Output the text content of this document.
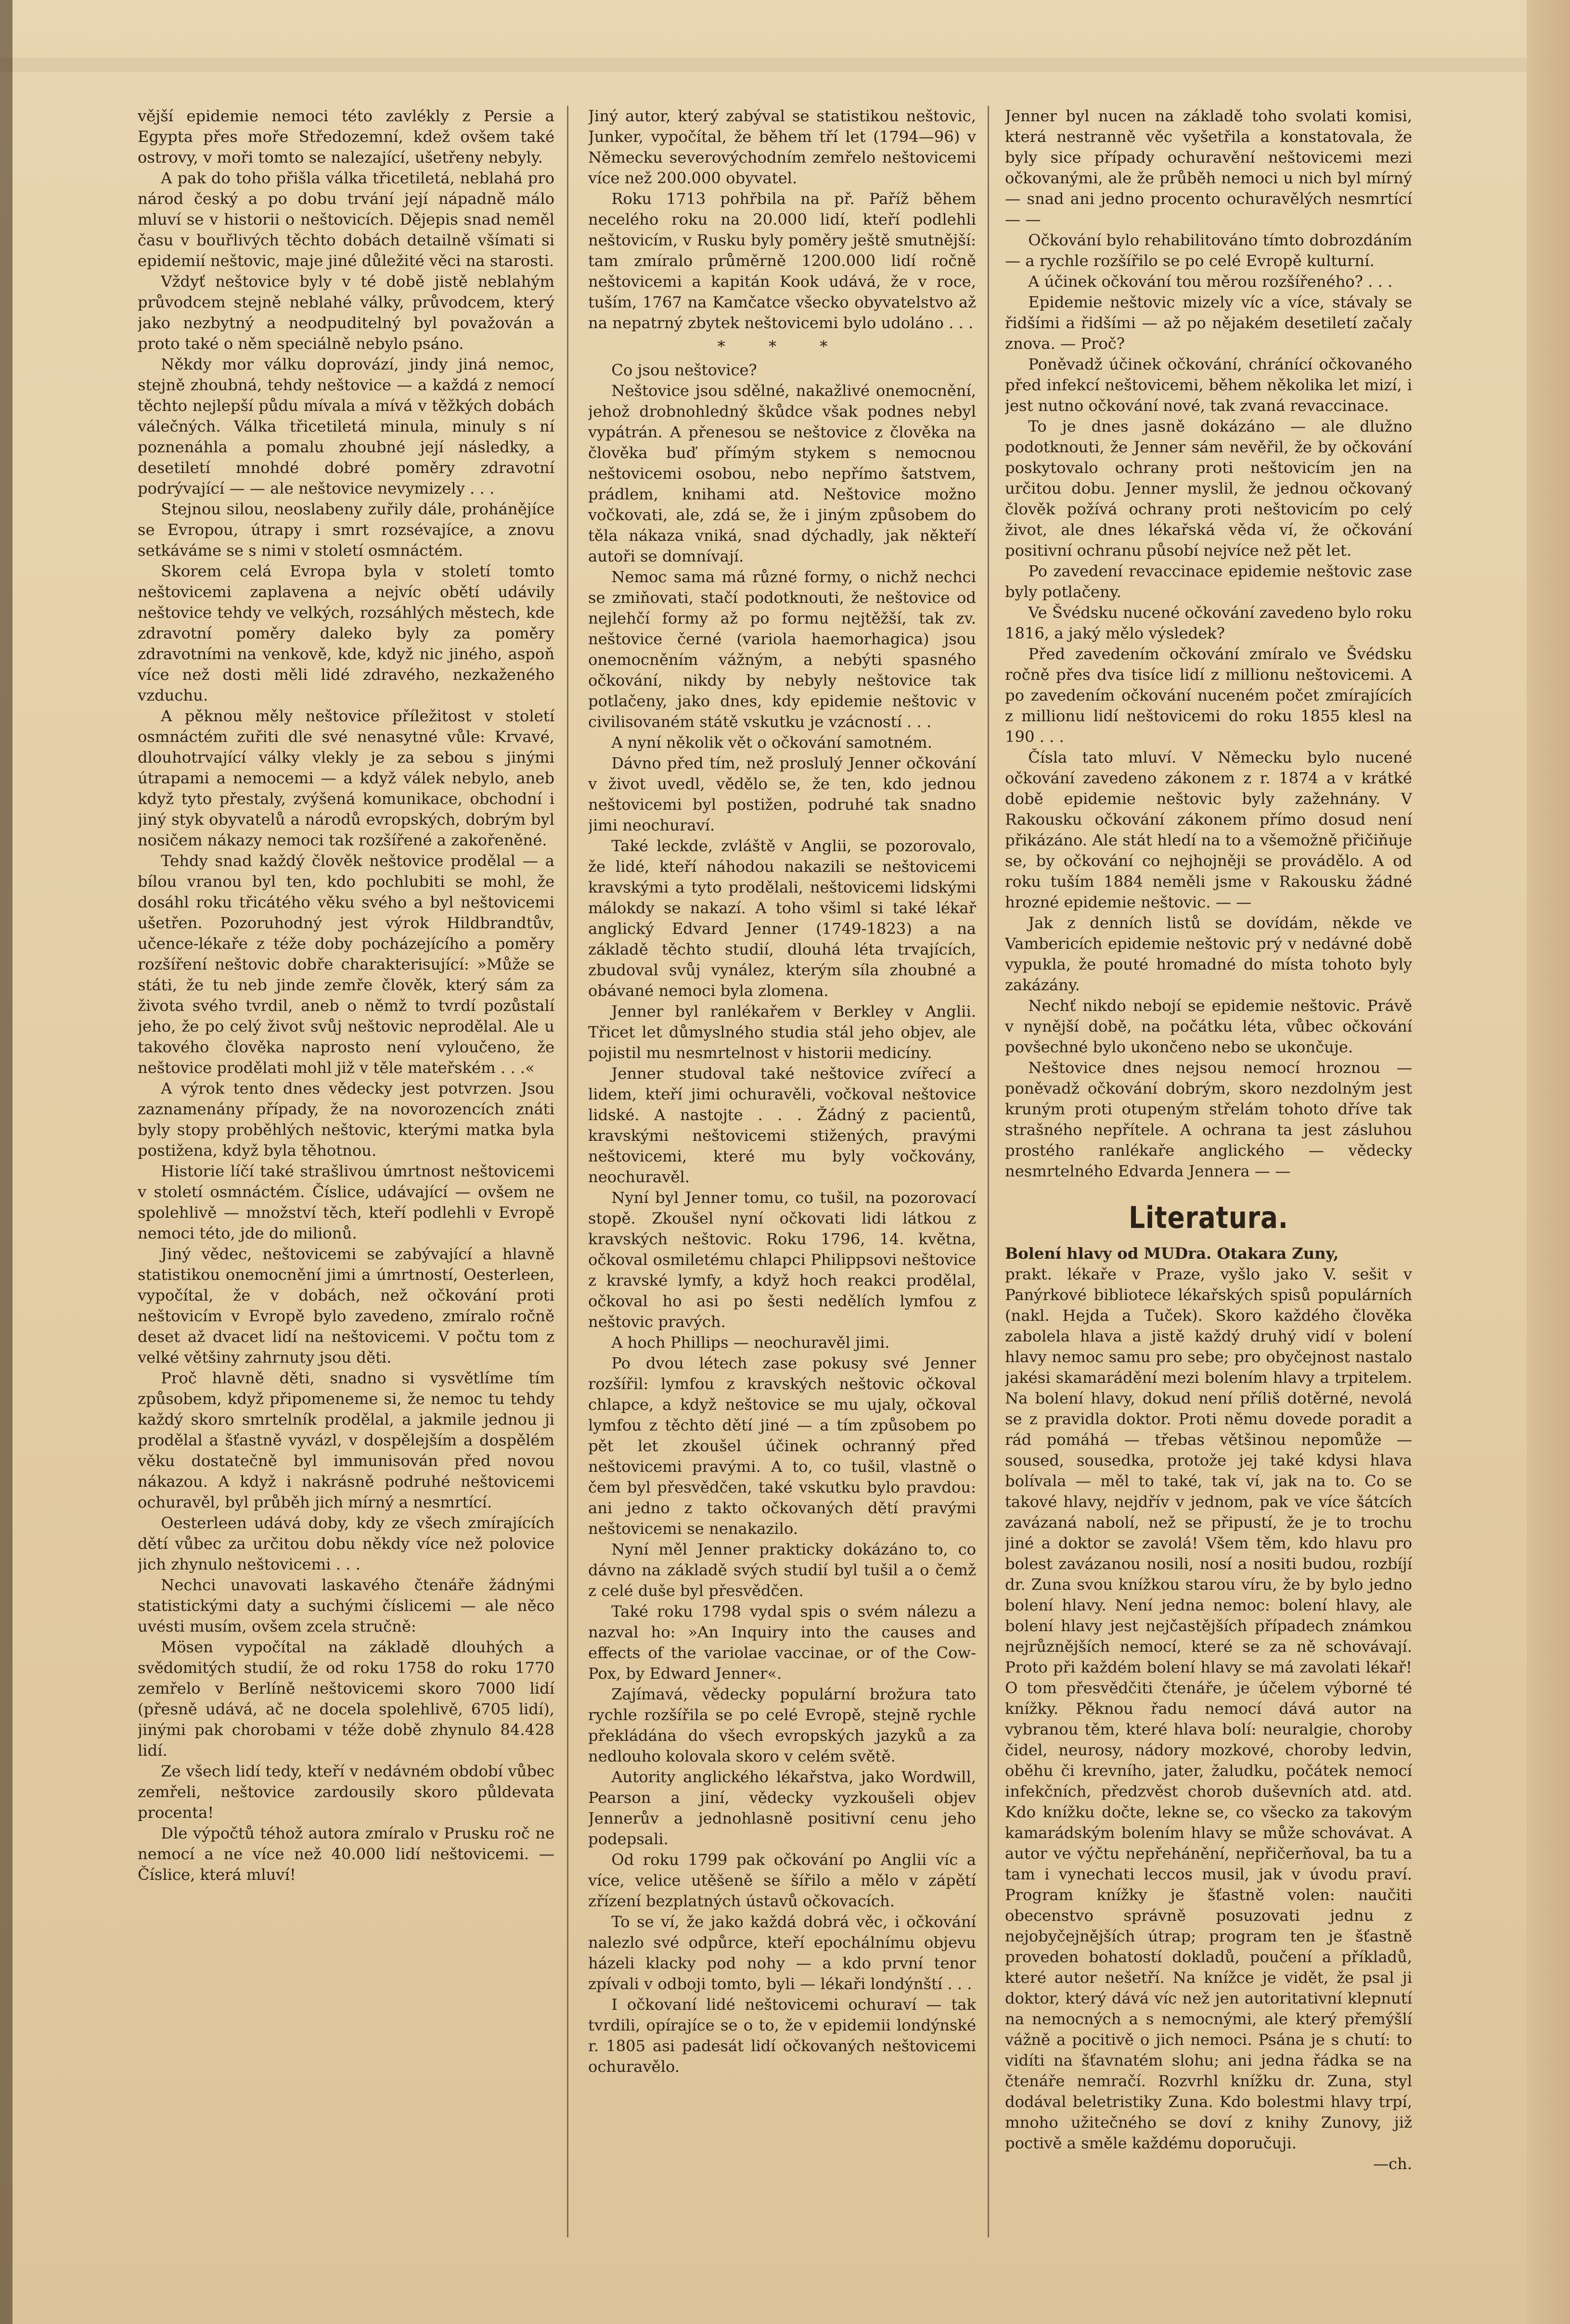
vější epidemie nemoci této zavlékly z Persie a Egypta přes moře Středozemní, kdež ovšem také ostrovy, v moři tomto se nalezající, ušetřeny nebyly.

A pak do toho přišla válka třicetiletá, neblahá pro národ český a po dobu trvání její nápadně málo mluví se v historii o neštovicích. Dějepis snad neměl času v bouřlivých těchto dobách detailně všímati si epidemií neštovic, maje jiné důležité věci na starosti.

Vždyť neštovice byly v té době jistě neblahým průvodcem stejně neblahé války, průvodcem, který jako nezbytný a neodpuditelný byl považován a proto také o něm speciálně nebylo psáno.

Někdy mor válku doprovází, jindy jiná nemoc, stejně zhoubná, tehdy neštovice — a každá z nemocí těchto nejlepší půdu mívala a mívá v těžkých dobách válečných. Válka třicetiletá minula, minuly s ní poznenáhla a pomalu zhoubné její následky, a desetiletí mnohdé dobré poměry zdravotní podrývající — — ale neštovice nevymizely . . .

Stejnou silou, neoslabeny zuřily dále, prohánějíce se Evropou, útrapy i smrt rozsévajíce, a znovu setkáváme se s nimi v století osmnáctém.

Skorem celá Evropa byla v století tomto neštovicemi zaplavena a nejvíc obětí udávily neštovice tehdy ve velkých, rozsáhlých městech, kde zdravotní poměry daleko byly za poměry zdravotními na venkově, kde, když nic jiného, aspoň více než dosti měli lidé zdravého, nezkaženého vzduchu.

A pěknou měly neštovice příležitost v století osmnáctém zuřiti dle své nenasytné vůle: Krvavé, dlouhotrvající války vlekly je za sebou s jinými útrapami a nemocemi — a když válek nebylo, aneb když tyto přestaly, zvýšená komunikace, obchodní i jiný styk obyvatelů a národů evropských, dobrým byl nosičem nákazy nemoci tak rozšířené a zakořeněné.

Tehdy snad každý člověk neštovice prodělal — a bílou vranou byl ten, kdo pochlubiti se mohl, že dosáhl roku třicátého věku svého a byl neštovicemi ušetřen. Pozoruhodný jest výrok Hildbrandtův, učence-lékaře z téže doby pocházejícího a poměry rozšíření neštovic dobře charakterisující: »Může se státi, že tu neb jinde zemře člověk, který sám za života svého tvrdil, aneb o němž to tvrdí pozůstalí jeho, že po celý život svůj neštovic neprodělal. Ale u takového člověka naprosto není vyloučeno, že neštovice prodělati mohl již v těle mateřském . . .«

A výrok tento dnes vědecky jest potvrzen. Jsou zaznamenány případy, že na novorozencích znáti byly stopy proběhlých neštovic, kterými matka byla postižena, když byla těhotnou.

Historie líčí také strašlivou úmrtnost neštovicemi v století osmnáctém. Číslice, udávající — ovšem ne spolehlivě — množství těch, kteří podlehli v Evropě nemoci této, jde do milionů.

Jiný vědec, neštovicemi se zabývající a hlavně statistikou onemocnění jimi a úmrtností, Oesterleen, vypočítal, že v dobách, než očkování proti neštovicím v Evropě bylo zavedeno, zmíralo ročně deset až dvacet lidí na neštovicemi. V počtu tom z velké většiny zahrnuty jsou děti.

Proč hlavně děti, snadno si vysvětlíme tím způsobem, když připomeneme si, že nemoc tu tehdy každý skoro smrtelník prodělal, a jakmile jednou ji prodělal a šťastně vyvázl, v dospělejším a dospělém věku dostatečně byl immunisován před novou nákazou. A když i nakrásně podruhé neštovicemi ochuravěl, byl průběh jich mírný a nesmrtící.

Oesterleen udává doby, kdy ze všech zmírajících dětí vůbec za určitou dobu někdy více než polovice jich zhynulo neštovicemi . . .

Nechci unavovati laskavého čtenáře žádnými statistickými daty a suchými číslicemi — ale něco uvésti musím, ovšem zcela stručně:

Mösen vypočítal na základě dlouhých a svědomitých studií, že od roku 1758 do roku 1770 zemřelo v Berlíně neštovicemi skoro 7000 lidí (přesně udává, ač ne docela spolehlivě, 6705 lidí), jinými pak chorobami v téže době zhynulo 84.428 lidí.

Ze všech lidí tedy, kteří v nedávném období vůbec zemřeli, neštovice zardousily skoro půldevata procenta!

Dle výpočtů téhož autora zmíralo v Prusku roč ne nemocí a ne více než 40.000 lidí neštovicemi. — Číslice, která mluví!

Jiný autor, který zabýval se statistikou neštovic, Junker, vypočítal, že během tří let (1794—96) v Německu severovýchodním zemřelo neštovicemi více než 200.000 obyvatel.

Roku 1713 pohřbila na př. Paříž během necelého roku na 20.000 lidí, kteří podlehli neštovicím, v Rusku byly poměry ještě smutnější: tam zmíralo průměrně 1200.000 lidí ročně neštovicemi a kapitán Kook udává, že v roce, tuším, 1767 na Kamčatce všecko obyvatelstvo až na nepatrný zbytek neštovicemi bylo udoláno . . .

* * *

Co jsou neštovice?

Neštovice jsou sdělné, nakažlivé onemocnění, jehož drobnohledný škůdce však podnes nebyl vypátrán. A přenesou se neštovice z člověka na člověka buď přímým stykem s nemocnou neštovicemi osobou, nebo nepřímo šatstvem, prádlem, knihami atd. Neštovice možno vočkovati, ale, zdá se, že i jiným způsobem do těla nákaza vniká, snad dýchadly, jak někteří autoři se domnívají.

Nemoc sama má různé formy, o nichž nechci se zmiňovati, stačí podotknouti, že neštovice od nejlehčí formy až po formu nejtěžší, tak zv. neštovice černé (variola haemorhagica) jsou onemocněním vážným, a nebýti spasného očkování, nikdy by nebyly neštovice tak potlačeny, jako dnes, kdy epidemie neštovic v civilisovaném státě vskutku je vzácností . . .

A nyní několik vět o očkování samotném.

Dávno před tím, než proslulý Jenner očkování v život uvedl, vědělo se, že ten, kdo jednou neštovicemi byl postižen, podruhé tak snadno jimi neochuraví.

Také leckde, zvláště v Anglii, se pozorovalo, že lidé, kteří náhodou nakazili se neštovicemi kravskými a tyto prodělali, neštovicemi lidskými málokdy se nakazí. A toho všiml si také lékař anglický Edvard Jenner (1749-1823) a na základě těchto studií, dlouhá léta trvajících, zbudoval svůj vynález, kterým síla zhoubné a obávané nemoci byla zlomena.

Jenner byl ranlékařem v Berkley v Anglii. Třicet let důmyslného studia stál jeho objev, ale pojistil mu nesmrtelnost v historii medicíny.

Jenner studoval také neštovice zvířecí a lidem, kteří jimi ochuravěli, vočkoval neštovice lidské. A nastojte . . . Žádný z pacientů, kravskými neštovicemi stižených, pravými neštovicemi, které mu byly vočkovány, neochuravěl.

Nyní byl Jenner tomu, co tušil, na pozorovací stopě. Zkoušel nyní očkovati lidi látkou z kravských neštovic. Roku 1796, 14. května, očkoval osmiletému chlapci Philippsovi neštovice z kravské lymfy, a když hoch reakci prodělal, očkoval ho asi po šesti nedělích lymfou z neštovic pravých.

A hoch Phillips — neochuravěl jimi.

Po dvou létech zase pokusy své Jenner rozšířil: lymfou z kravských neštovic očkoval chlapce, a když neštovice se mu ujaly, očkoval lymfou z těchto dětí jiné — a tím způsobem po pět let zkoušel účinek ochranný před neštovicemi pravými. A to, co tušil, vlastně o čem byl přesvědčen, také vskutku bylo pravdou: ani jedno z takto očkovaných dětí pravými neštovicemi se nenakazilo.

Nyní měl Jenner prakticky dokázáno to, co dávno na základě svých studií byl tušil a o čemž z celé duše byl přesvědčen.

Také roku 1798 vydal spis o svém nálezu a nazval ho: »An Inquiry into the causes and effects of the variolae vaccinae, or of the Cow-Pox, by Edward Jenner«.

Zajímavá, vědecky populární brožura tato rychle rozšířila se po celé Evropě, stejně rychle překládána do všech evropských jazyků a za nedlouho kolovala skoro v celém světě.

Autority anglického lékařstva, jako Wordwill, Pearson a jiní, vědecky vyzkoušeli objev Jennerův a jednohlasně positivní cenu jeho podepsali.

Od roku 1799 pak očkování po Anglii víc a více, velice utěšeně se šířilo a mělo v zápětí zřízení bezplatných ústavů očkovacích.

To se ví, že jako každá dobrá věc, i očkování nalezlo své odpůrce, kteří epochálnímu objevu házeli klacky pod nohy — a kdo první tenor zpívali v odboji tomto, byli — lékaři londýnští . . .

I očkovaní lidé neštovicemi ochuraví — tak tvrdili, opírajíce se o to, že v epidemii londýnské r. 1805 asi padesát lidí očkovaných neštovicemi ochuravělo.

Jenner byl nucen na základě toho svolati komisi, která nestranně věc vyšetřila a konstatovala, že byly sice případy ochuravění neštovicemi mezi očkovanými, ale že průběh nemoci u nich byl mírný — snad ani jedno procento ochuravělých nesmrtící — —

Očkování bylo rehabilitováno tímto dobrozdáním — a rychle rozšířilo se po celé Evropě kulturní.

A účinek očkování tou měrou rozšířeného? . . .

Epidemie neštovic mizely víc a více, stávaly se řidšími a řidšími — až po nějakém desetiletí začaly znova. — Proč?

Poněvadž účinek očkování, chránící očkovaného před infekcí neštovicemi, během několika let mizí, i jest nutno očkování nové, tak zvaná revaccinace.

To je dnes jasně dokázáno — ale dlužno podotknouti, že Jenner sám nevěřil, že by očkování poskytovalo ochrany proti neštovicím jen na určitou dobu. Jenner myslil, že jednou očkovaný člověk požívá ochrany proti neštovicím po celý život, ale dnes lékařská věda ví, že očkování positivní ochranu působí nejvíce než pět let.

Po zavedení revaccinace epidemie neštovic zase byly potlačeny.

Ve Švédsku nucené očkování zavedeno bylo roku 1816, a jaký mělo výsledek?

Před zavedením očkování zmíralo ve Švédsku ročně přes dva tisíce lidí z millionu neštovicemi. A po zavedením očkování nuceném počet zmírajících z millionu lidí neštovicemi do roku 1855 klesl na 190 . . .

Čísla tato mluví. V Německu bylo nucené očkování zavedeno zákonem z r. 1874 a v krátké době epidemie neštovic byly zažehnány. V Rakousku očkování zákonem přímo dosud není přikázáno. Ale stát hledí na to a všemožně přičiňuje se, by očkování co nejhojněji se provádělo. A od roku tuším 1884 neměli jsme v Rakousku žádné hrozné epidemie neštovic. — —

Jak z denních listů se dovídám, někde ve Vambericích epidemie neštovic prý v nedávné době vypukla, že pouté hromadné do místa tohoto byly zakázány.

Nechť nikdo nebojí se epidemie neštovic. Právě v nynější době, na počátku léta, vůbec očkování povšechné bylo ukončeno nebo se ukončuje.

Neštovice dnes nejsou nemocí hroznou — poněvadž očkování dobrým, skoro nezdolným jest kruným proti otupeným střelám tohoto dříve tak strašného nepřítele. A ochrana ta jest zásluhou prostého ranlékaře anglického — vědecky nesmrtelného Edvarda Jennera — —

Literatura.

Bolení hlavy od MUDra. Otakara Zuny,

prakt. lékaře v Praze, vyšlo jako V. sešit v Panýrkové bibliotece lékařských spisů populárních (nakl. Hejda a Tuček). Skoro každého člověka zabolela hlava a jistě každý druhý vidí v bolení hlavy nemoc samu pro sebe; pro obyčejnost nastalo jakési skamarádění mezi bolením hlavy a trpitelem. Na bolení hlavy, dokud není příliš dotěrné, nevolá se z pravidla doktor. Proti němu dovede poradit a rád pomáhá — třebas většinou nepomůže — soused, sousedka, protože jej také kdysi hlava bolívala — měl to také, tak ví, jak na to. Co se takové hlavy, nejdřív v jednom, pak ve více šátcích zavázaná nabolí, než se připustí, že je to trochu jiné a doktor se zavolá! Všem těm, kdo hlavu pro bolest zavázanou nosili, nosí a nositi budou, rozbíjí dr. Zuna svou knížkou starou víru, že by bylo jedno bolení hlavy. Není jedna nemoc: bolení hlavy, ale bolení hlavy jest nejčastějších případech známkou nejrůznějších nemocí, které se za ně schovávají. Proto při každém bolení hlavy se má zavolati lékař! O tom přesvědčiti čtenáře, je účelem výborné té knížky. Pěknou řadu nemocí dává autor na vybranou těm, které hlava bolí: neuralgie, choroby čidel, neurosy, nádory mozkové, choroby ledvin, oběhu či krevního, jater, žaludku, počátek nemocí infekčních, předzvěst chorob duševních atd. atd. Kdo knížku dočte, lekne se, co všecko za takovým kamarádským bolením hlavy se může schovávat. A autor ve výčtu nepřehánění, nepřičerňoval, ba tu a tam i vynechati leccos musil, jak v úvodu praví. Program knížky je šťastně volen: naučiti obecenstvo správně posuzovati jednu z nejobyčejnějších útrap; program ten je šťastně proveden bohatostí dokladů, poučení a příkladů, které autor nešetří. Na knížce je vidět, že psal ji doktor, který dává víc než jen autoritativní klepnutí na nemocných a s nemocnými, ale který přemýšlí vážně a pocitivě o jich nemoci. Psána je s chutí: to vidíti na šťavnatém slohu; ani jedna řádka se na čtenáře nemračí. Rozvrhl knížku dr. Zuna, styl dodával beletristiky Zuna. Kdo bolestmi hlavy trpí, mnoho užitečného se doví z knihy Zunovy, již poctivě a směle každému doporučuji.

—ch.
